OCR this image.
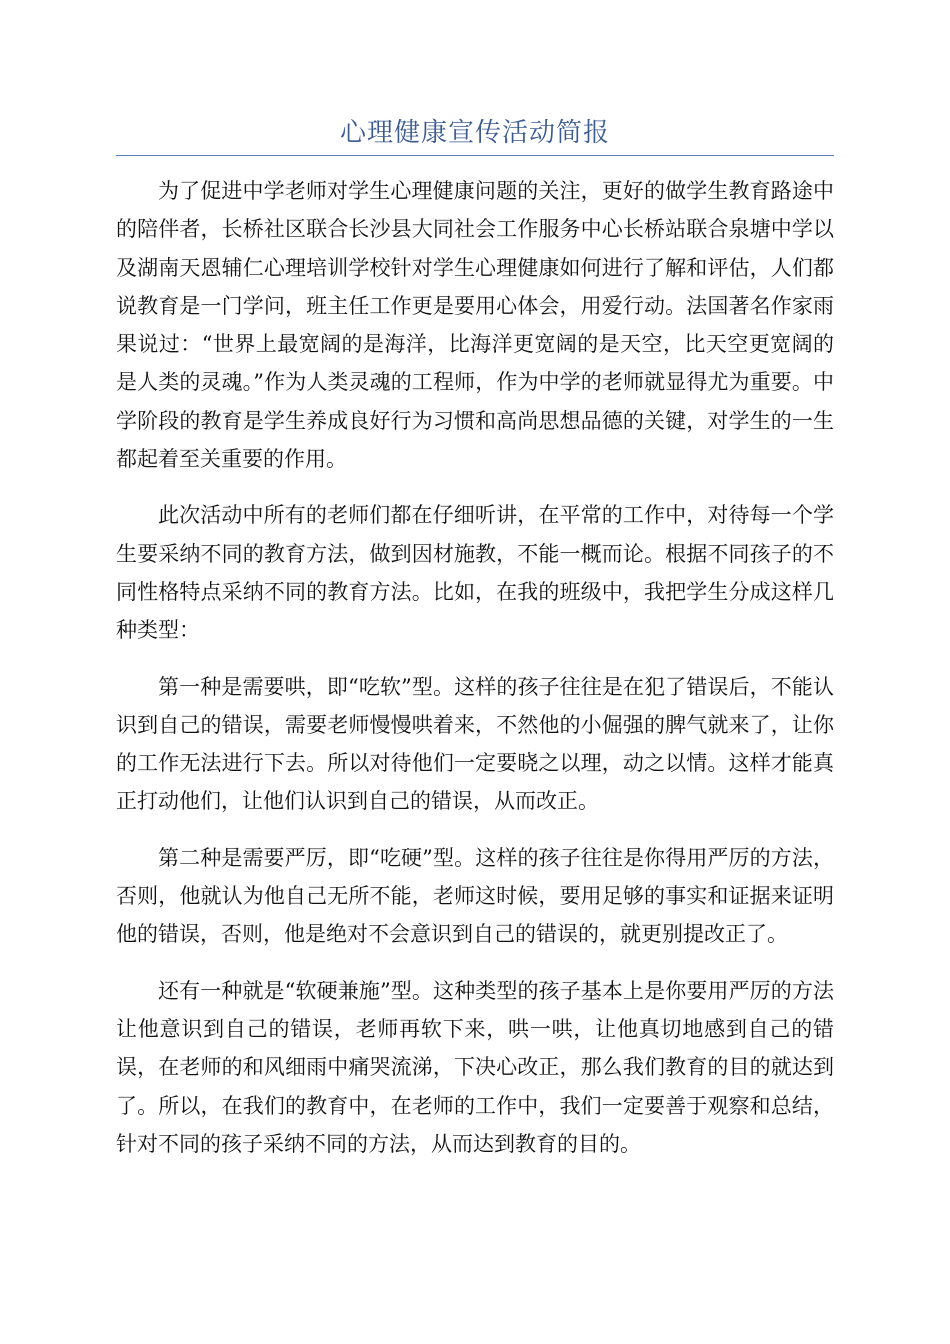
心理健康宣传活动简报

为了促进中学老师对学生心理健康问题的关注，更好的做学生教育路途中的陪伴者，长桥社区联合长沙县大同社会工作服务中心长桥站联合泉塘中学以及湖南天恩辅仁心理培训学校针对学生心理健康如何进行了解和评估，人们都说教育是一门学问，班主任工作更是要用心体会，用爱行动。法国著名作家雨果说过：“世界上最宽阔的是海洋，比海洋更宽阔的是天空，比天空更宽阔的是人类的灵魂。”作为人类灵魂的工程师，作为中学的老师就显得尤为重要。中学阶段的教育是学生养成良好行为习惯和高尚思想品德的关键，对学生的一生都起着至关重要的作用。

此次活动中所有的老师们都在仔细听讲，在平常的工作中，对待每一个学生要采纳不同的教育方法，做到因材施教，不能一概而论。根据不同孩子的不同性格特点采纳不同的教育方法。比如，在我的班级中，我把学生分成这样几种类型：

第一种是需要哄，即“吃软”型。这样的孩子往往是在犯了错误后，不能认识到自己的错误，需要老师慢慢哄着来，不然他的小倔强的脾气就来了，让你的工作无法进行下去。所以对待他们一定要晓之以理，动之以情。这样才能真正打动他们，让他们认识到自己的错误，从而改正。

第二种是需要严厉，即“吃硬”型。这样的孩子往往是你得用严厉的方法，否则，他就认为他自己无所不能，老师这时候，要用足够的事实和证据来证明他的错误，否则，他是绝对不会意识到自己的错误的，就更别提改正了。

还有一种就是“软硬兼施”型。这种类型的孩子基本上是你要用严厉的方法让他意识到自己的错误，老师再软下来，哄一哄，让他真切地感到自己的错误，在老师的和风细雨中痛哭流涕，下决心改正，那么我们教育的目的就达到了。所以，在我们的教育中，在老师的工作中，我们一定要善于观察和总结，针对不同的孩子采纳不同的方法，从而达到教育的目的。
